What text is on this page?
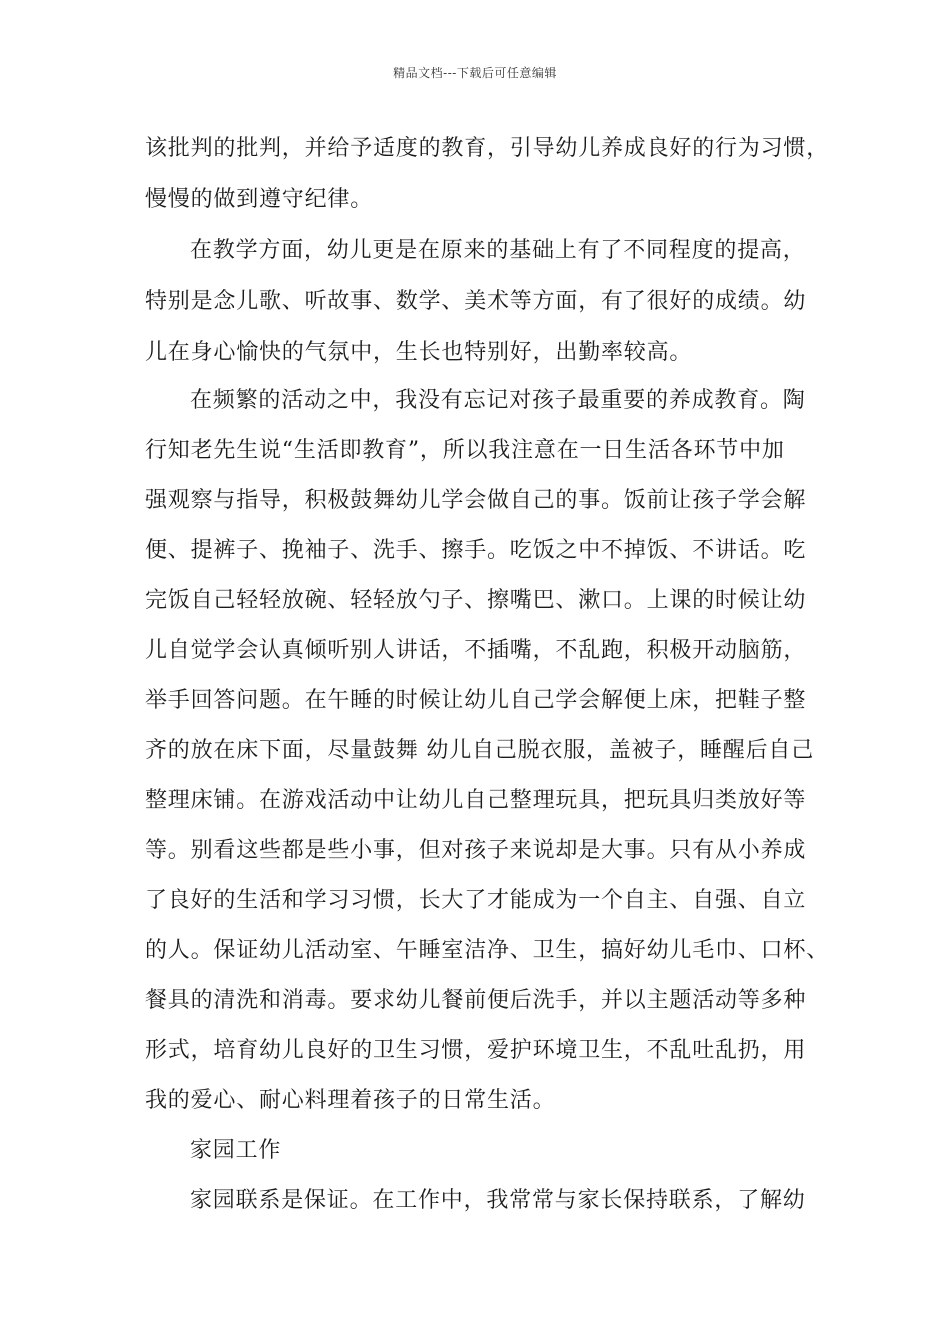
精品文档---下载后可任意编辑
该批判的批判，并给予适度的教育，引导幼儿养成良好的行为习惯，
慢慢的做到遵守纪律。
在教学方面，幼儿更是在原来的基础上有了不同程度的提高，
特别是念儿歌、听故事、数学、美术等方面，有了很好的成绩。幼
儿在身心愉快的气氛中，生长也特别好，出勤率较高。
在频繁的活动之中，我没有忘记对孩子最重要的养成教育。陶
行知老先生说“生活即教育”，所以我注意在一日生活各环节中加
强观察与指导，积极鼓舞幼儿学会做自己的事。饭前让孩子学会解
便、提裤子、挽袖子、洗手、擦手。吃饭之中不掉饭、不讲话。吃
完饭自己轻轻放碗、轻轻放勺子、擦嘴巴、漱口。上课的时候让幼
儿自觉学会认真倾听别人讲话，不插嘴，不乱跑，积极开动脑筋，
举手回答问题。在午睡的时候让幼儿自己学会解便上床，把鞋子整
齐的放在床下面，尽量鼓舞 幼儿自己脱衣服，盖被子，睡醒后自己
整理床铺。在游戏活动中让幼儿自己整理玩具，把玩具归类放好等
等。别看这些都是些小事，但对孩子来说却是大事。只有从小养成
了良好的生活和学习习惯，长大了才能成为一个自主、自强、自立
的人。保证幼儿活动室、午睡室洁净、卫生，搞好幼儿毛巾、口杯、
餐具的清洗和消毒。要求幼儿餐前便后洗手，并以主题活动等多种
形式，培育幼儿良好的卫生习惯，爱护环境卫生，不乱吐乱扔，用
我的爱心、耐心料理着孩子的日常生活。
家园工作
家园联系是保证。在工作中，我常常与家长保持联系，了解幼
